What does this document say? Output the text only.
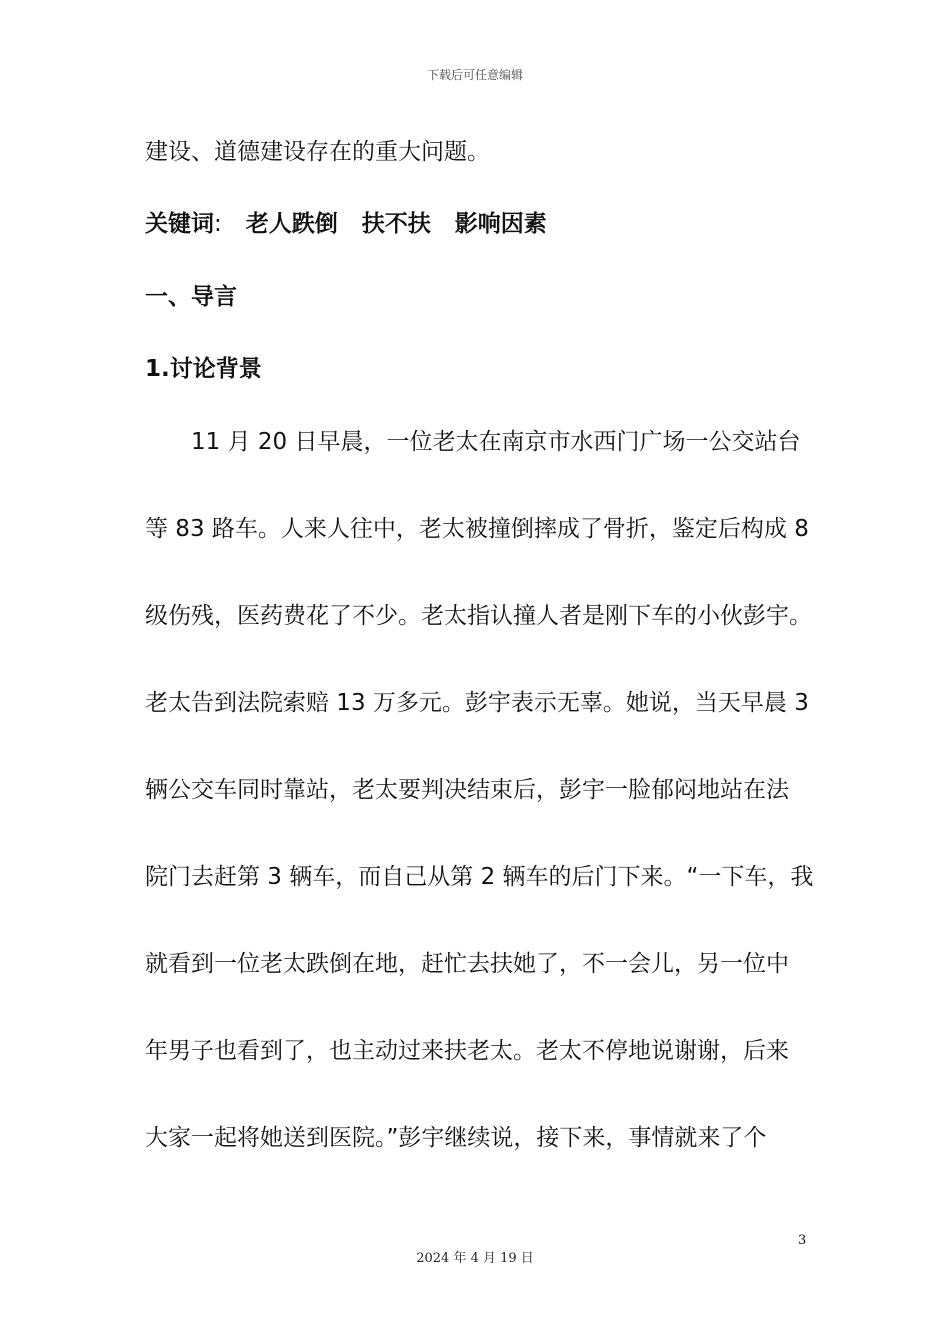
下载后可任意编辑
建设、道德建设存在的重大问题。
关键词: 老人跌倒 扶不扶 影响因素
一、导言
1.讨论背景
　　11 月 20 日早晨，一位老太在南京市水西门广场一公交站台
等 83 路车。人来人往中，老太被撞倒摔成了骨折，鉴定后构成 8
级伤残，医药费花了不少。老太指认撞人者是刚下车的小伙彭宇。
老太告到法院索赔 13 万多元。彭宇表示无辜。她说，当天早晨 3
辆公交车同时靠站，老太要判决结束后，彭宇一脸郁闷地站在法
院门去赶第 3 辆车，而自己从第 2 辆车的后门下来。“一下车，我
就看到一位老太跌倒在地，赶忙去扶她了，不一会儿，另一位中
年男子也看到了，也主动过来扶老太。老太不停地说谢谢，后来
大家一起将她送到医院。”彭宇继续说，接下来，事情就来了个
3
2024 年 4 月 19 日
